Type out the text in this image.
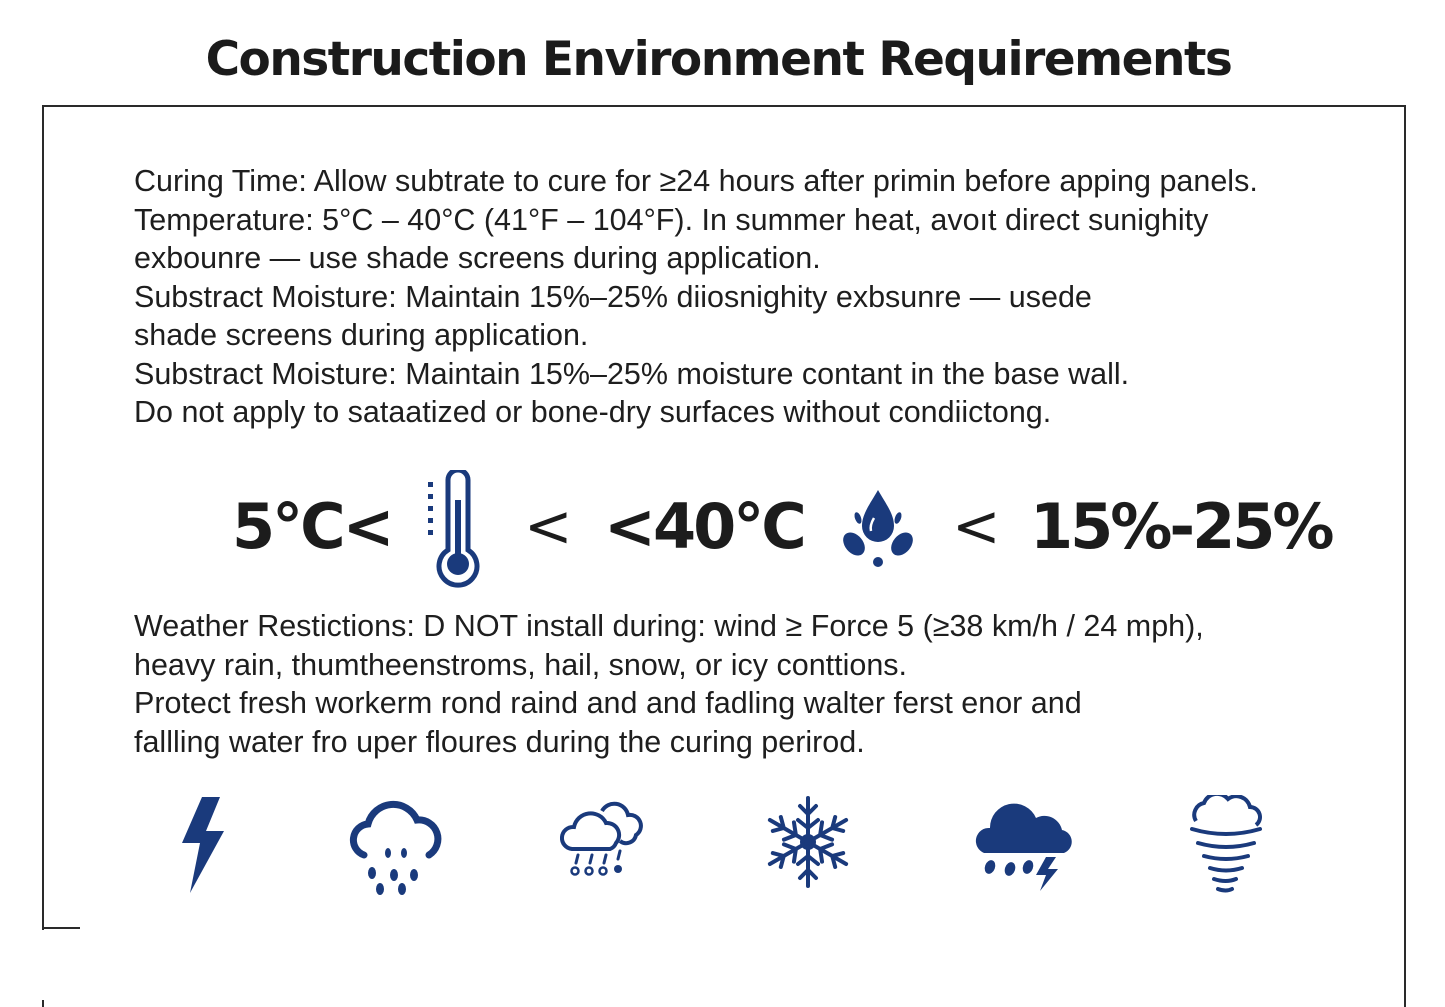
Construction Environment Requirements
Curing Time: Allow subtrate to cure for ≥24 hours after primin before apping panels.
Temperature: 5°C – 40°C (41°F – 104°F). In summer heat, avoıt direct sunighity
exbounre — use shade screens during application.
Substract Moisture: Maintain 15%–25% diiosnighity exbsunre — usede
shade screens during application.
Substract Moisture: Maintain 15%–25% moisture contant in the base wall.
Do not apply to sataatized or bone-dry surfaces without condiictong.
5°C< < <40°C	< 15%-25%
Weather Restictions: D NOT install during: wind ≥ Force 5 (≥38 km/h / 24 mph),
heavy rain, thumtheenstroms, hail, snow, or icy conttions.
Protect fresh workerm rond raind and and fadling walter ferst enor and
fallling water fro uper floures during the curing perirod.
